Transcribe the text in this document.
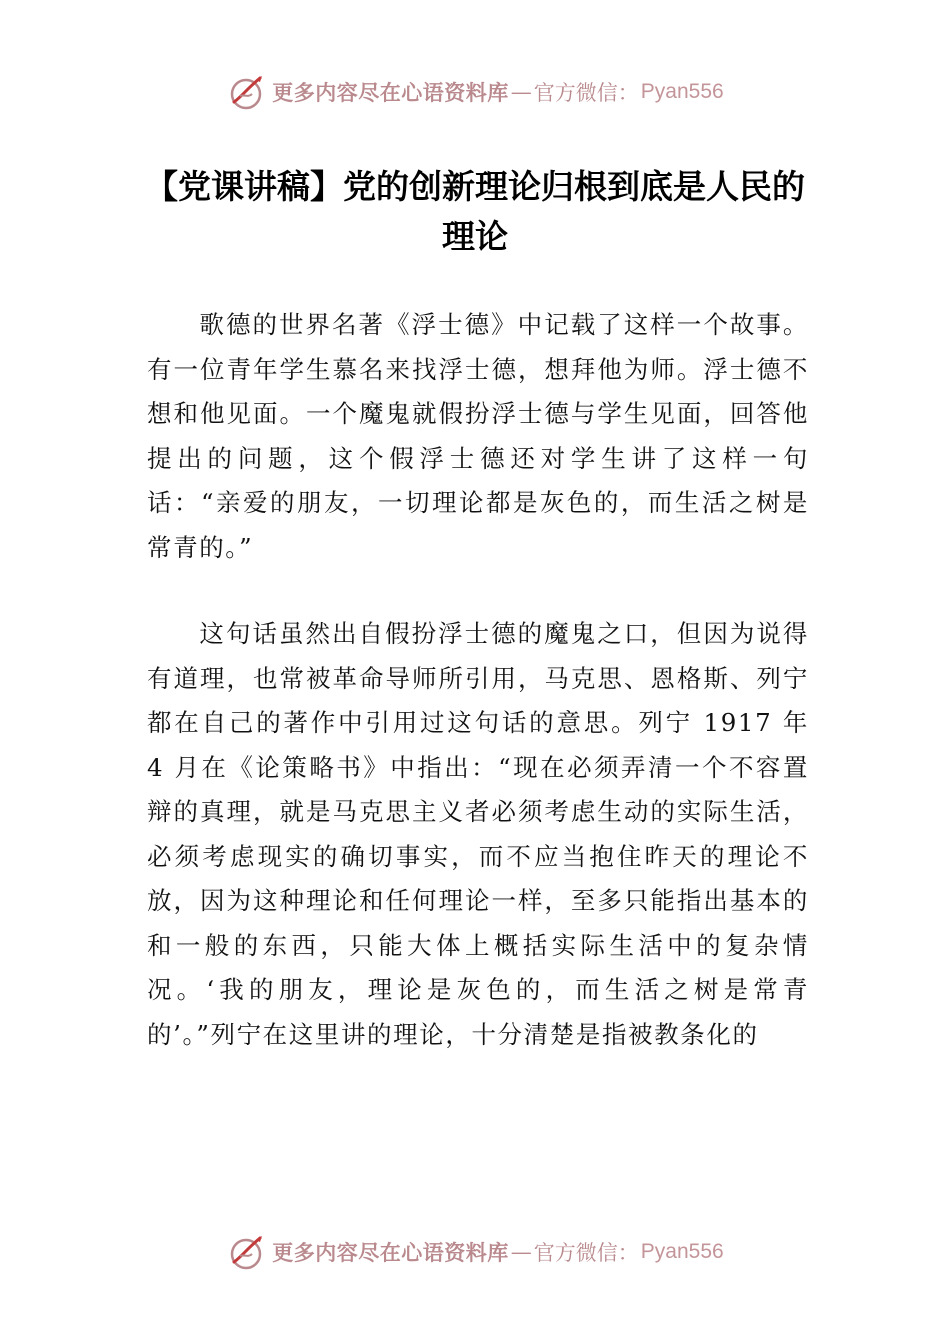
更多内容尽在心语资料库 — 官方微信： Pyan556
【党课讲稿】党的创新理论归根到底是人民的理论
歌德的世界名著《浮士德》中记载了这样一个故事。有一位青年学生慕名来找浮士德，想拜他为师。浮士德不想和他见面。一个魔鬼就假扮浮士德与学生见面，回答他提出的问题，这个假浮士德还对学生讲了这样一句话：“亲爱的朋友，一切理论都是灰色的，而生活之树是常青的。”
这句话虽然出自假扮浮士德的魔鬼之口，但因为说得有道理，也常被革命导师所引用，马克思、恩格斯、列宁都在自己的著作中引用过这句话的意思。列宁 1917 年 4 月在《论策略书》中指出：“现在必须弄清一个不容置辩的真理，就是马克思主义者必须考虑生动的实际生活，必须考虑现实的确切事实，而不应当抱住昨天的理论不放，因为这种理论和任何理论一样，至多只能指出基本的和一般的东西，只能大体上概括实际生活中的复杂情况。‘我的朋友，理论是灰色的，而生活之树是常青的’。”列宁在这里讲的理论，十分清楚是指被教条化的
更多内容尽在心语资料库 — 官方微信： Pyan556
